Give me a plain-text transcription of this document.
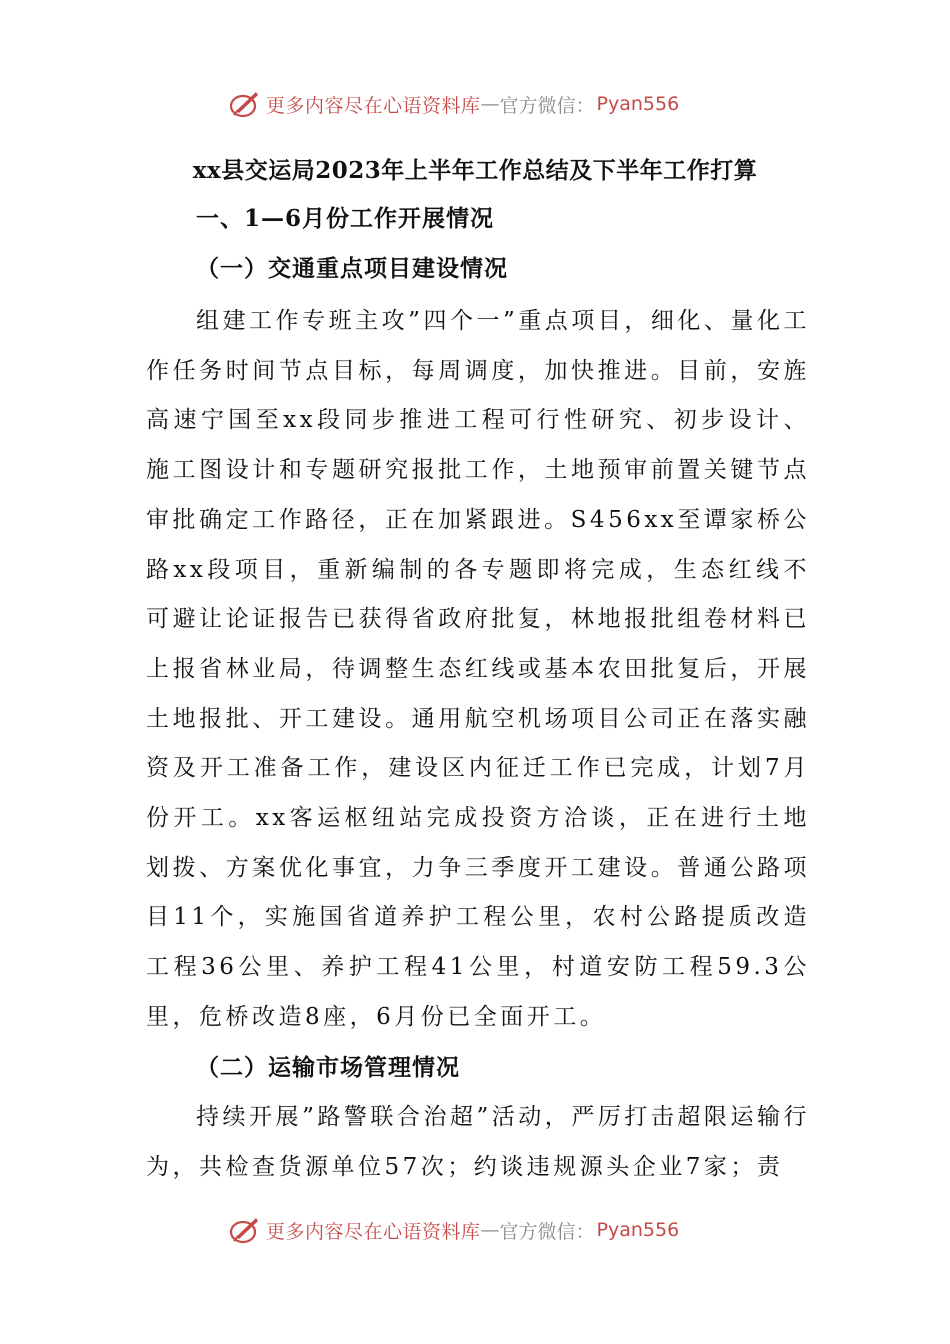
更多内容尽在心语资料库 — 官方微信： Pyan556
xx县交运局2023年上半年工作总结及下半年工作打算
一、1—6月份工作开展情况
（一）交通重点项目建设情况
组建工作专班主攻”四个一”重点项目，细化、量化工作任务时间节点目标，每周调度，加快推进。目前，安旌高速宁国至xx段同步推进工程可行性研究、初步设计、施工图设计和专题研究报批工作，土地预审前置关键节点审批确定工作路径，正在加紧跟进。S456xx至谭家桥公路xx段项目，重新编制的各专题即将完成，生态红线不可避让论证报告已获得省政府批复，林地报批组卷材料已上报省林业局，待调整生态红线或基本农田批复后，开展土地报批、开工建设。通用航空机场项目公司正在落实融资及开工准备工作，建设区内征迁工作已完成，计划7月份开工。xx客运枢纽站完成投资方洽谈，正在进行土地划拨、方案优化事宜，力争三季度开工建设。普通公路项目11个，实施国省道养护工程公里，农村公路提质改造工程36公里、养护工程41公里，村道安防工程59.3公里，危桥改造8座，6月份已全面开工。
（二）运输市场管理情况
持续开展”路警联合治超”活动，严厉打击超限运输行为，共检查货源单位57次；约谈违规源头企业7家；责
更多内容尽在心语资料库 — 官方微信： Pyan556
